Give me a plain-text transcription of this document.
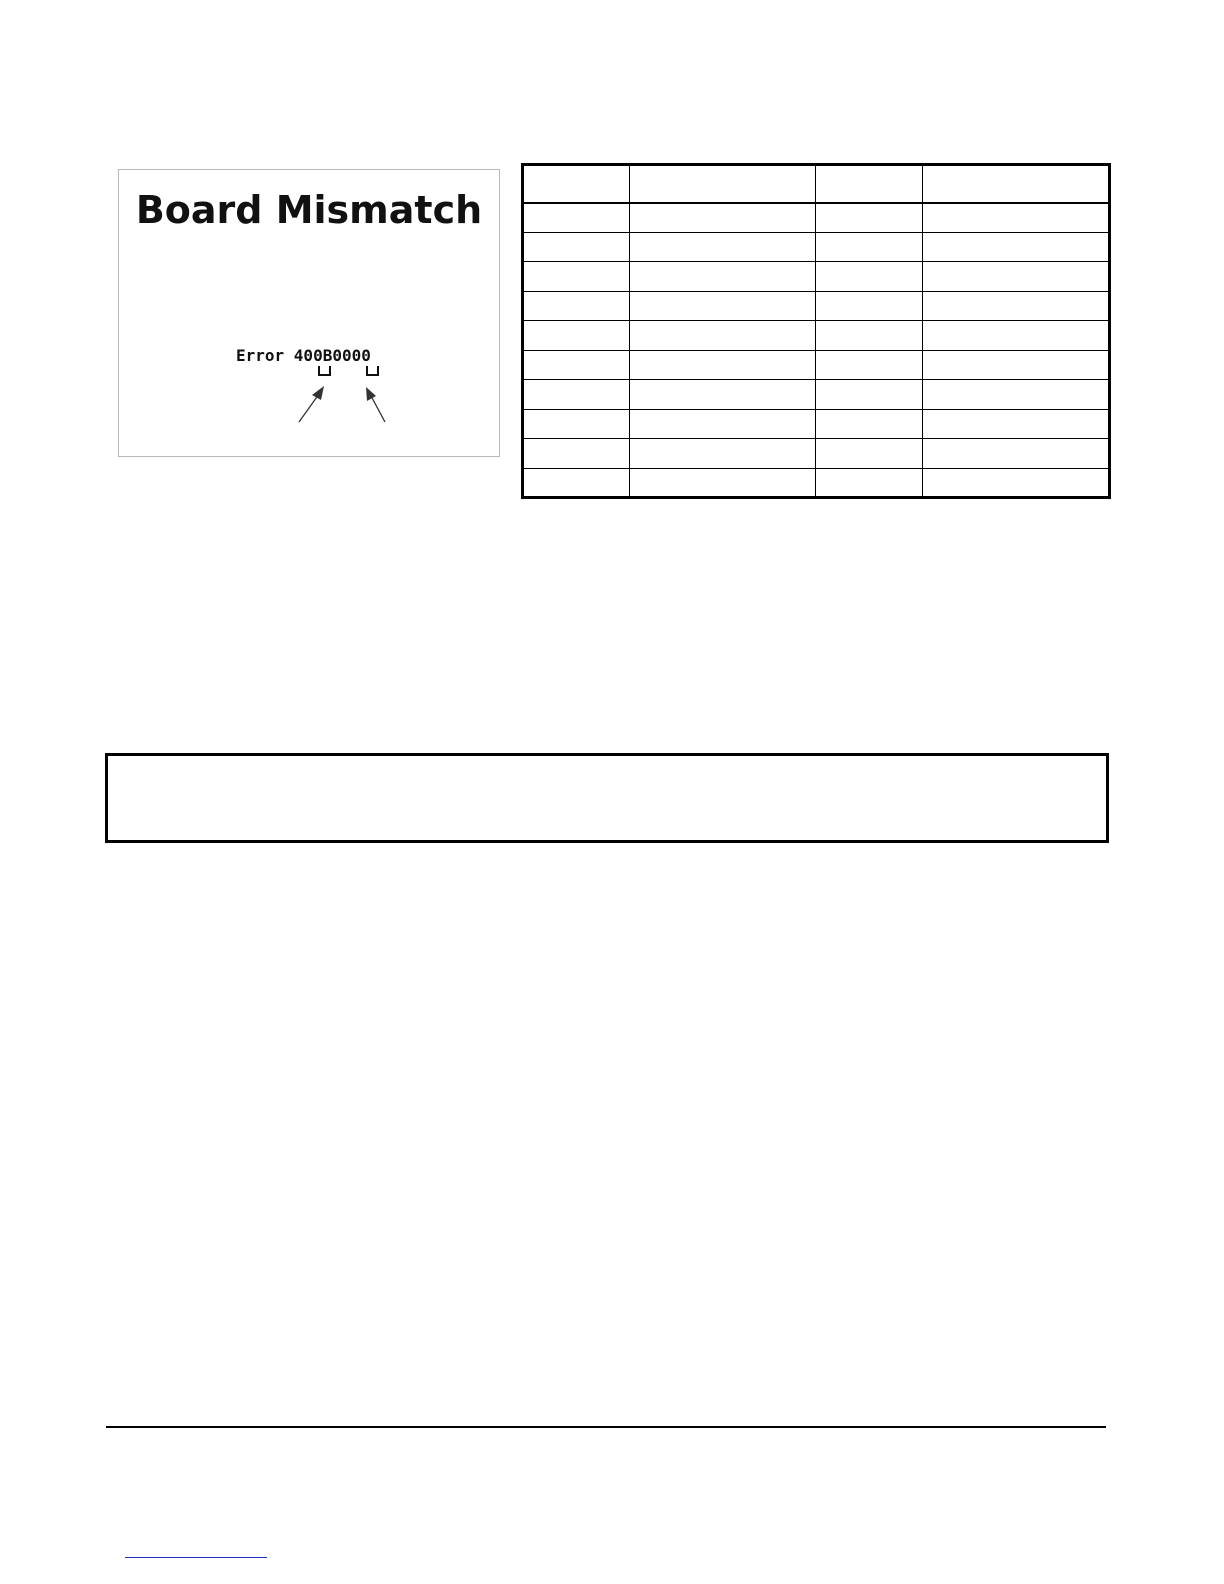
Board Mismatch
Error 400B0000
